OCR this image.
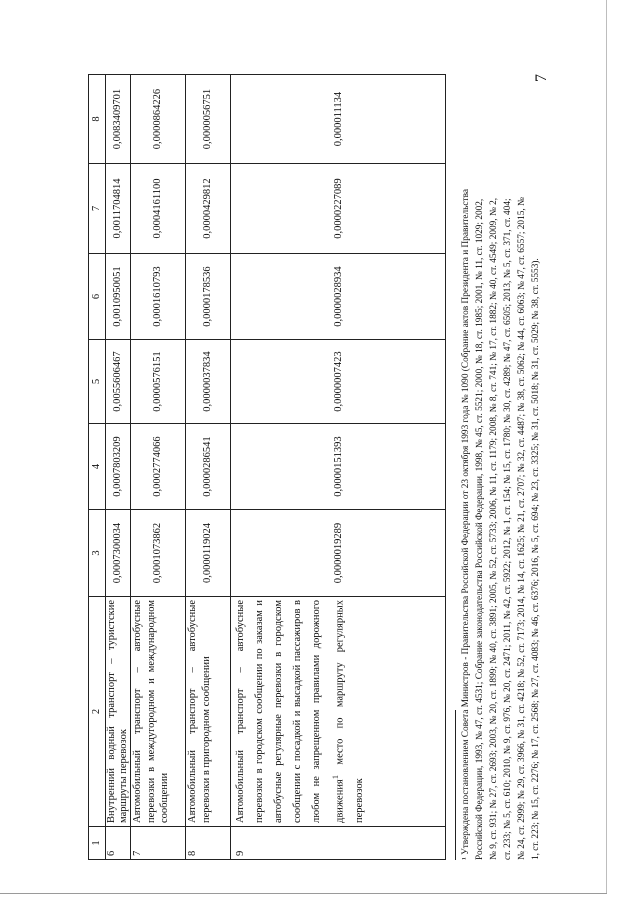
1	2	3	4	5	6	7	8
6	Внутренний водный транспорт – туристские маршруты перевозок	0,0007300034	0,0007803209	0,0055606467	0,0010950051	0,0011704814	0,0083409701
7	Автомобильный транспорт – автобусные перевозки в междугородном и международном сообщении	0,0001073862	0,0002774066	0,0000576151	0,0001610793	0,0004161100	0,0000864226
8	Автомобильный транспорт – автобусные перевозки в пригородном сообщении	0,0000119024	0,0000286541	0,0000037834	0,0000178536	0,0000429812	0,0000056751
9	Автомобильный транспорт – автобусные перевозки в городском сообщении по заказам и автобусные регулярные перевозки в городском сообщении с посадкой и высадкой пассажиров в любом не запрещенном правилами дорожного движения$^1$ место по маршруту регулярных перевозок	0,0000019289	0,0000151393	0,0000007423	0,0000028934	0,0000227089	0,000011134
¹ Утверждена постановлением Совета Министров - Правительства Российской Федерации от 23 октября 1993 года № 1090 (Собрание актов Президента и Правительства Российской Федерации, 1993, № 47, ст. 4531; Собрание законодательства Российской Федерации, 1998, № 45, ст. 5521; 2000, № 18, ст. 1985; 2001, № 11, ст. 1029; 2002, № 9, ст. 931; № 27, ст. 2693; 2003, № 20, ст. 1899; № 40, ст. 3891; 2005, № 52, ст. 5733; 2006, № 11, ст. 1179; 2008, № 8, ст. 741; № 17, ст. 1882; № 40, ст. 4549; 2009, № 2, ст. 233; № 5, ст. 610; 2010, № 9, ст. 976, № 20, ст. 2471; 2011, № 42, ст. 5922; 2012, № 1, ст. 154; № 15, ст. 1780; № 30, ст. 4289; № 47, ст. 6505; 2013, № 5, ст. 371, ст. 404; № 24, ст. 2999; № 29, ст. 3966, № 31, ст. 4218; № 52, ст. 7173; 2014, № 14, ст. 1625; № 21, ст. 2707; № 32, ст. 4487; № 38, ст. 5062; № 44, ст. 6063; № 47, ст. 6557; 2015, № 1, ст. 223; № 15, ст. 2276; № 17, ст. 2568; № 27, ст. 4083; № 46, ст. 6376; 2016, № 5, ст. 694; № 23, ст. 3325; № 31, ст. 5018; № 31, ст. 5029; № 38, ст. 5553).
7
